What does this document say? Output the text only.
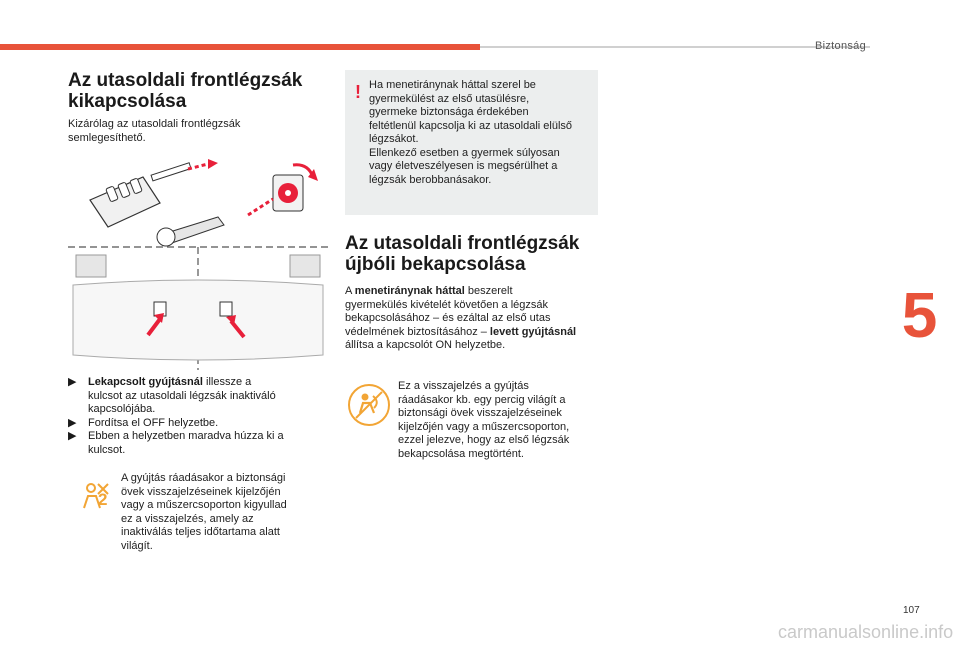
Biztonság
5
Az utasoldali frontlégzsák
kikapcsolása
Kizárólag az utasoldali frontlégzsák
semlegesíthető.
▶	Lekapcsolt gyújtásnál illessze a
kulcsot az utasoldali légzsák inaktiváló
kapcsolójába.
▶	Fordítsa el OFF helyzetbe.
▶	Ebben a helyzetben maradva húzza ki a
kulcsot.
2
A gyújtás ráadásakor a biztonsági
övek visszajelzéseinek kijelzőjén
vagy a műszercsoporton kigyullad
ez a visszajelzés, amely az
inaktiválás teljes időtartama alatt
világít.
! Ha menetiránynak háttal szerel be
gyermekülést az első utasülésre,
gyermeke biztonsága érdekében
feltétlenül kapcsolja ki az utasoldali elülső
légzsákot.
Ellenkező esetben a gyermek súlyosan
vagy életveszélyesen is megsérülhet a
légzsák berobbanásakor.
Az utasoldali frontlégzsák
újbóli bekapcsolása
A menetiránynak háttal beszerelt
gyermekülés kivételét követően a légzsák
bekapcsolásához – és ezáltal az első utas
védelmének biztosításához – levett gyújtásnál
állítsa a kapcsolót ON helyzetbe.
Ez a visszajelzés a gyújtás
ráadásakor kb. egy percig világít a
biztonsági övek visszajelzéseinek
kijelzőjén vagy a műszercsoporton,
ezzel jelezve, hogy az első légzsák
bekapcsolása megtörtént.
107
carmanualsonline.info
